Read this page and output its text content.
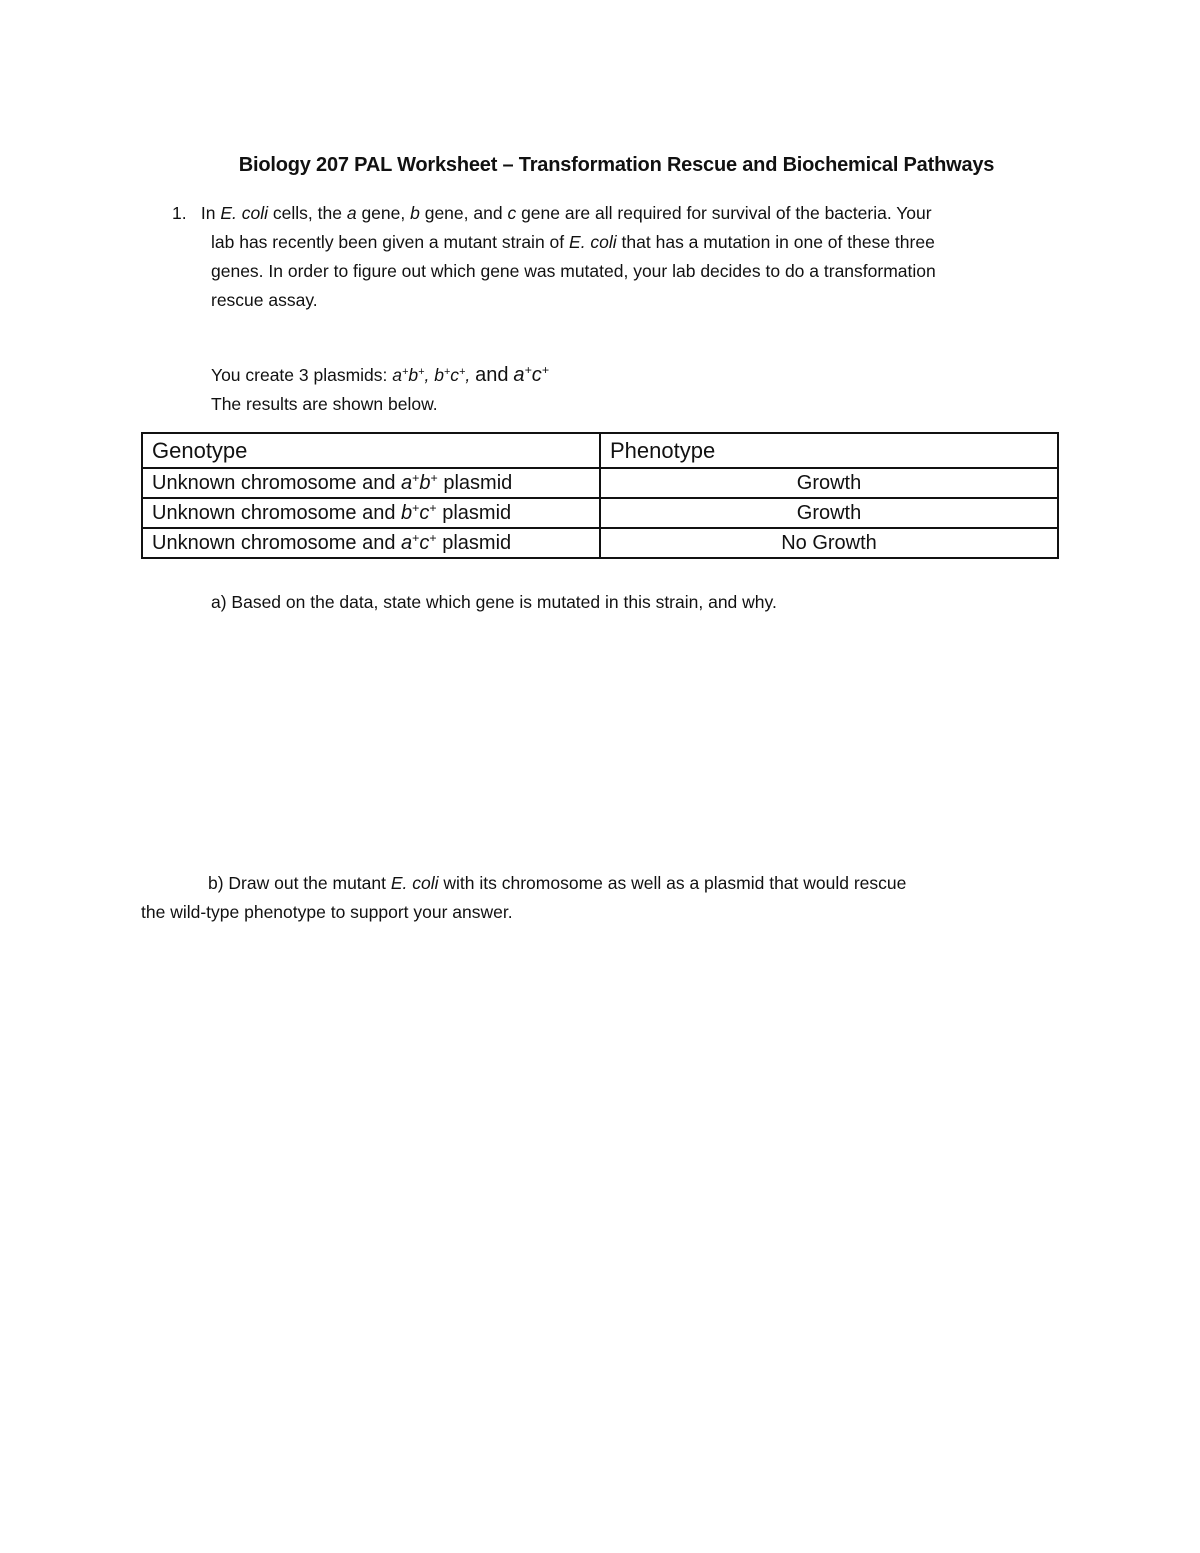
Biology 207 PAL Worksheet – Transformation Rescue and Biochemical Pathways
1. In E. coli cells, the a gene, b gene, and c gene are all required for survival of the bacteria. Your
lab has recently been given a mutant strain of E. coli that has a mutation in one of these three
genes. In order to figure out which gene was mutated, your lab decides to do a transformation
rescue assay.
You create 3 plasmids: a+b+, b+c+, and a+c+
The results are shown below.
Genotype	Phenotype
Unknown chromosome and a+b+ plasmid	Growth
Unknown chromosome and b+c+ plasmid	Growth
Unknown chromosome and a+c+ plasmid	No Growth
a) Based on the data, state which gene is mutated in this strain, and why.
b) Draw out the mutant E. coli with its chromosome as well as a plasmid that would rescue
the wild-type phenotype to support your answer.
